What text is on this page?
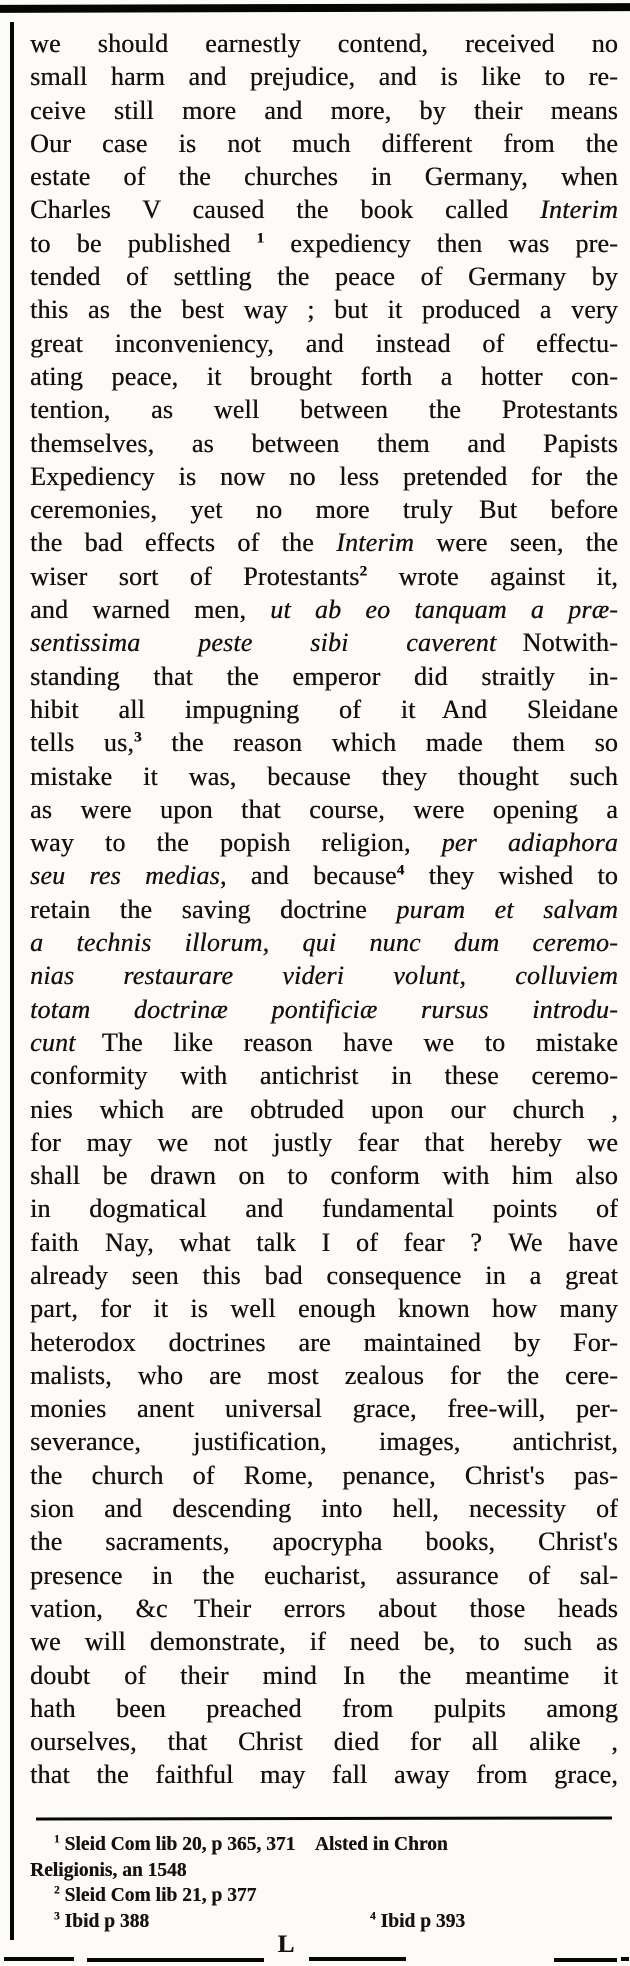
we should earnestly contend, received no
small harm and prejudice, and is like to re-
ceive still more and more, by their means
Our case is not much different from the
estate of the churches in Germany, when
Charles V caused the book called Interim
to be published $^1$ expediency then was pre-
tended of settling the peace of Germany by
this as the best way ; but it produced a very
great inconveniency, and instead of effectu-
ating peace, it brought forth a hotter con-
tention, as well between the Protestants
themselves, as between them and Papists
Expediency is now no less pretended for the
ceremonies, yet no more truly But before
the bad effects of the Interim were seen, the
wiser sort of Protestants$^2$ wrote against it,
and warned men, ut ab eo tanquam a præ-
sentissima peste sibi caverent Notwith-
standing that the emperor did straitly in-
hibit all impugning of it And Sleidane
tells us,$^3$ the reason which made them so
mistake it was, because they thought such
as were upon that course, were opening a
way to the popish religion, per adiaphora
seu res medias, and because$^4$ they wished to
retain the saving doctrine puram et salvam
a technis illorum, qui nunc dum ceremo-
nias restaurare videri volunt, colluviem
totam doctrinæ pontificiæ rursus introdu-
cunt The like reason have we to mistake
conformity with antichrist in these ceremo-
nies which are obtruded upon our church ,
for may we not justly fear that hereby we
shall be drawn on to conform with him also
in dogmatical and fundamental points of
faith Nay, what talk I of fear ? We have
already seen this bad consequence in a great
part, for it is well enough known how many
heterodox doctrines are maintained by For-
malists, who are most zealous for the cere-
monies anent universal grace, free-will, per-
severance, justification, images, antichrist,
the church of Rome, penance, Christ's pas-
sion and descending into hell, necessity of
the sacraments, apocrypha books, Christ's
presence in the eucharist, assurance of sal-
vation, &c Their errors about those heads
we will demonstrate, if need be, to such as
doubt of their mind In the meantime it
hath been preached from pulpits among
ourselves, that Christ died for all alike ,
that the faithful may fall away from grace,
$^1$ Sleid Com lib 20, p 365, 371 Alsted in Chron
Religionis, an 1548
$^2$ Sleid Com lib 21, p 377
$^3$ Ibid p 388	$^4$ Ibid p 393
L
